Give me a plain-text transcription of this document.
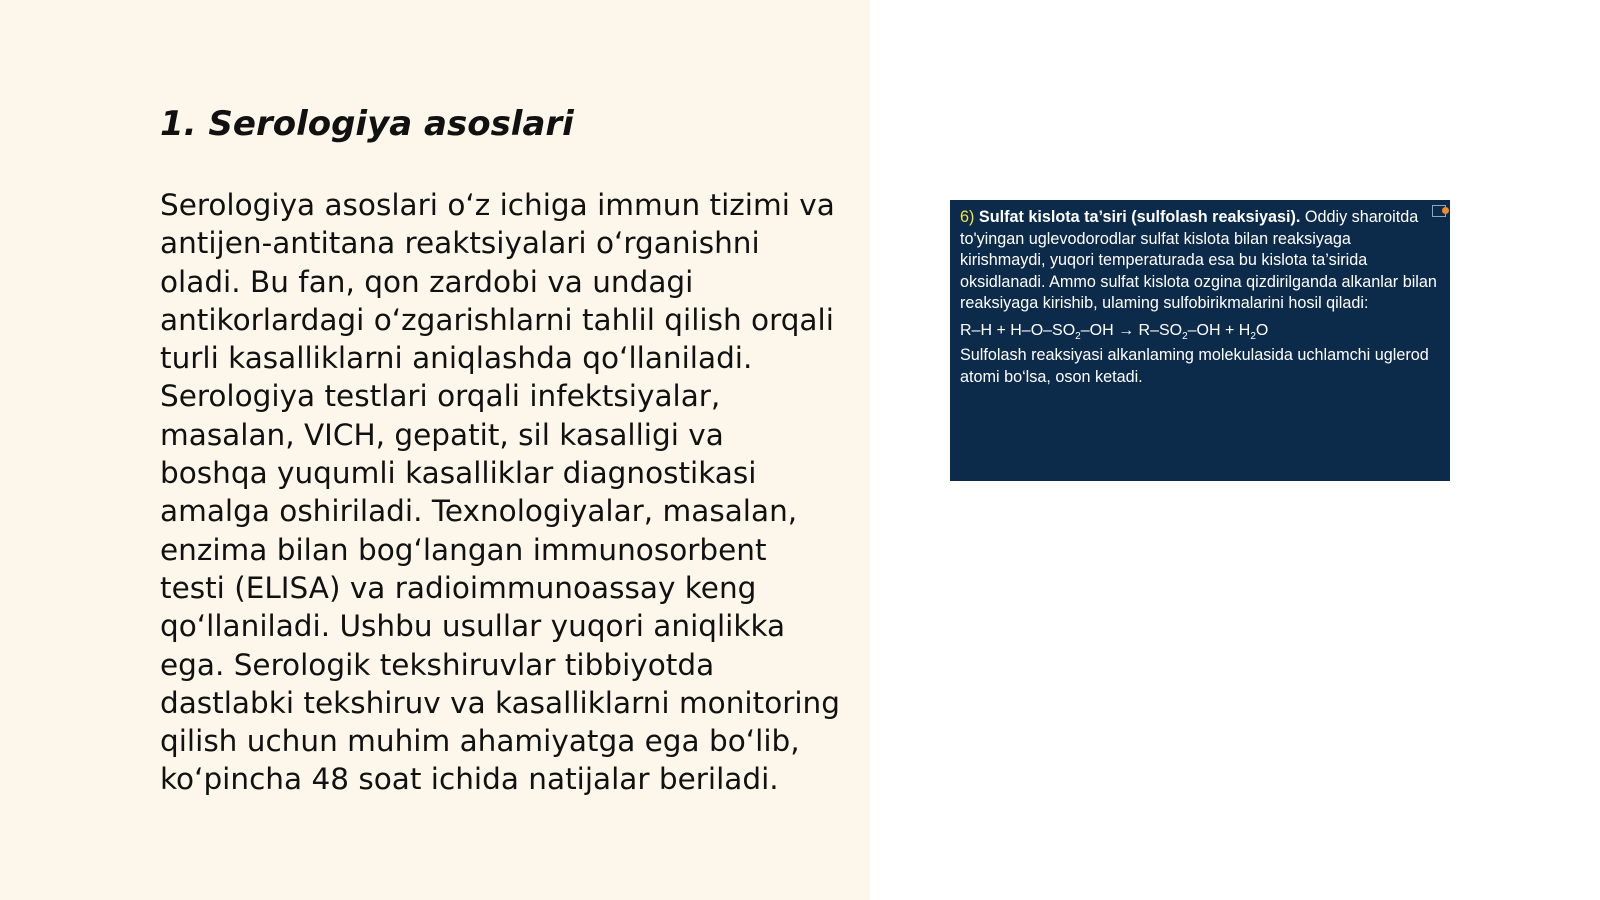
1. Serologiya asoslari

Serologiya asoslari o‘z ichiga immun tizimi va antijen-antitana reaktsiyalari o‘rganishni oladi. Bu fan, qon zardobi va undagi antikorlardagi o‘zgarishlarni tahlil qilish orqali turli kasalliklarni aniqlashda qo‘llaniladi. Serologiya testlari orqali infektsiyalar, masalan, VICH, gepatit, sil kasalligi va boshqa yuqumli kasalliklar diagnostikasi amalga oshiriladi. Texnologiyalar, masalan, enzima bilan bog‘langan immunosorbent testi (ELISA) va radioimmunoassay keng qo‘llaniladi. Ushbu usullar yuqori aniqlikka ega. Serologik tekshiruvlar tibbiyotda dastlabki tekshiruv va kasalliklarni monitoring qilish uchun muhim ahamiyatga ega bo‘lib, ko‘pincha 48 soat ichida natijalar beriladi.

6) Sulfat kislota ta’siri (sulfolash reaksiyasi). Oddiy sharoitda to'yingan uglevodorodlar sulfat kislota bilan reaksiyaga kirishmaydi, yuqori temperaturada esa bu kislota ta’sirida oksidlanadi. Ammo sulfat kislota ozgina qizdirilganda alkanlar bilan reaksiyaga kirishib, ulaming sulfobirikmalarini hosil qiladi:

$R-H + H-O-SO_2-OH \to R-SO_2-OH + H_2O$

Sulfolash reaksiyasi alkanlaming molekulasida uchlamchi uglerod atomi bo‘lsa, oson ketadi.
